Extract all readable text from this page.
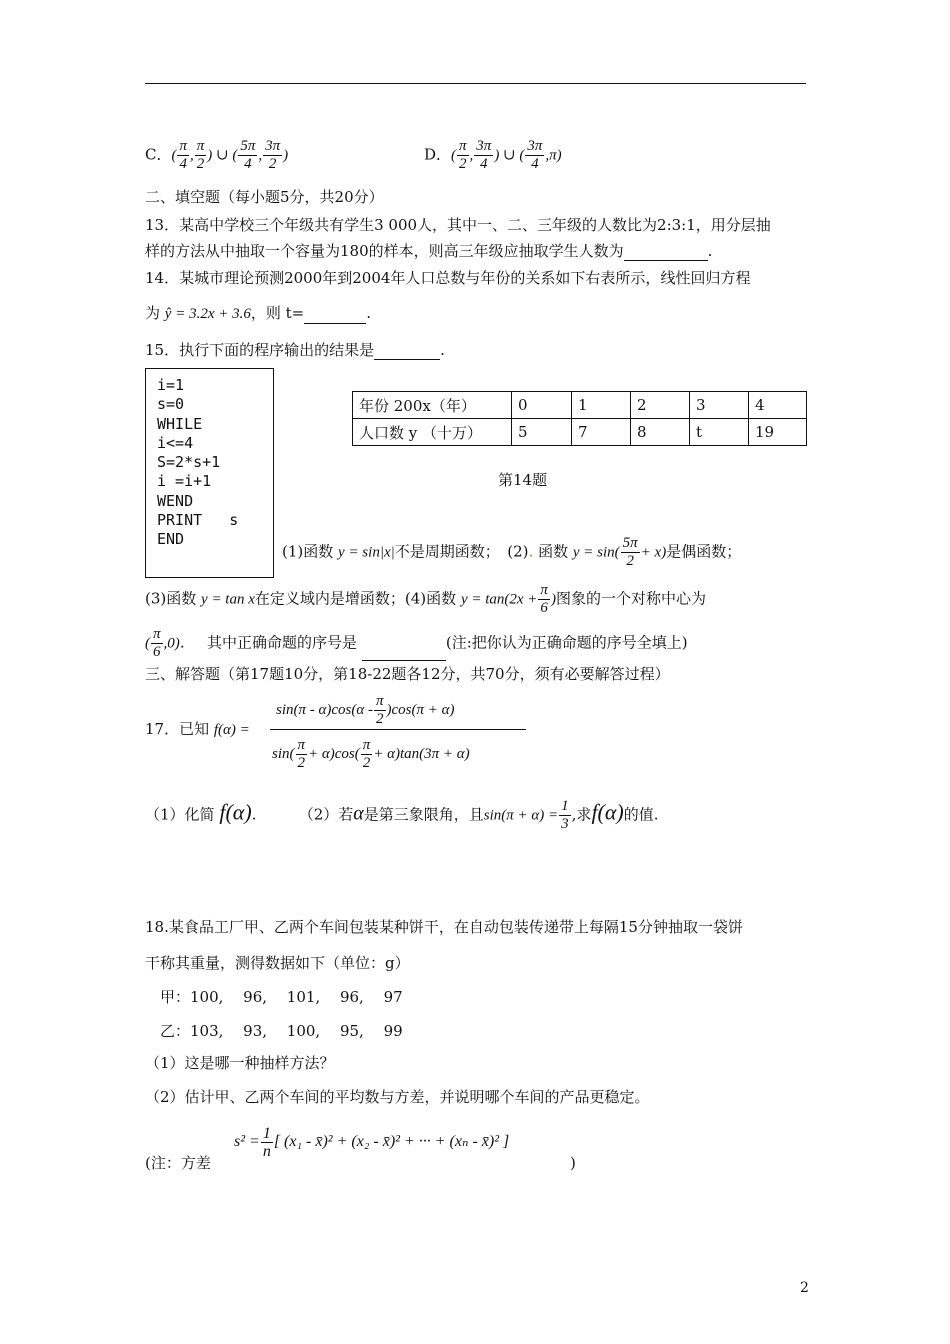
C．( $\frac{\pi}{4}$ , $\frac{\pi}{2}$ ) ∪ ( $\frac{5\pi}{4}$ , $\frac{3\pi}{2}$ )	D．( $\frac{\pi}{2}$ , $\frac{3\pi}{4}$ ) ∪ ( $\frac{3\pi}{4} ,\pi$)
二、填空题（每小题5分，共20分）
13．某高中学校三个年级共有学生3 000人，其中一、二、三年级的人数比为2:3:1，用分层抽
样的方法从中抽取一个容量为180的样本，则高三年级应抽取学生人数为	.
14．某城市理论预测2000年到2004年人口总数与年份的关系如下右表所示，线性回归方程
为 ŷ = 3.2x + 3.6，则 t=	.
15．执行下面的程序输出的结果是	.
i=1
s=0
WHILE
i<=4
S=2*s+1
i =i+1
WEND
PRINT   s
END
年份 200x（年）	0	1	2	3	4
人口数 y （十万）	5	7	8	t	19
第14题
(1)函数 y = sin|x|不是周期函数；　 (2). 函数 $y = \sin( \frac{5\pi}{2} + x)$是偶函数；
(3)函数 y = tan x在定义域内是增函数；(4)函数 $y = \tan(2x + \frac{\pi}{6}$ )图象的一个对称中心为
( $\frac{\pi}{6} ,0$)．　 其中正确命题的序号是	(注:把你认为正确命题的序号全填上)
三、解答题（第17题10分，第18-22题各12分，共70分，须有必要解答过程）
17．已知 f(α) =
$\sin(\pi - \alpha)\cos(\alpha - \frac{\pi}{2} )\cos(\pi + \alpha)$
$\sin( \frac{\pi}{2} + \alpha)\cos( \frac{\pi}{2} + \alpha)\tan(3\pi + \alpha)$
（1）化简 f(α).　　 　	（2）若α是第三象限角，且$\sin(\pi + \alpha) = \frac{1}{3}$ ,求f(α)的值.
18.某食品工厂甲、乙两个车间包装某种饼干，在自动包装传递带上每隔15分钟抽取一袋饼
干称其重量，测得数据如下（单位：g）
甲：100,　 96,　 101,　 96,　 97
乙：103,　 93,　 100,　 95,　 99
（1）这是哪一种抽样方法？
（2）估计甲、乙两个车间的平均数与方差，并说明哪个车间的产品更稳定。
(注：方差
$s^2 = \frac{1}{n}$ [ (x₁ - x̄)² + (x₂ - x̄)² + ··· + (xₙ - x̄)² ]
)
2
